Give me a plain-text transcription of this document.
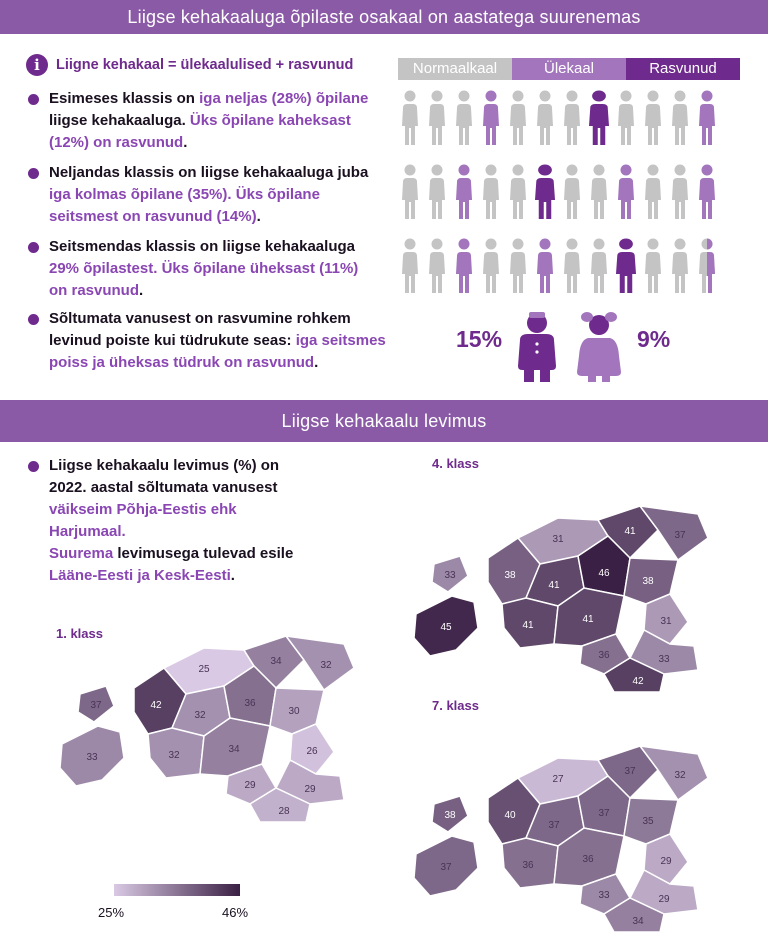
Liigse kehakaaluga õpilaste osakaal on aastatega suurenemas
i	Liigne kehakaal = ülekaalulised + rasvunud	Normaalkaal	Ülekaal	Rasvunud
Esimeses klassis on iga neljas (28%) õpilane liigse kehakaaluga. Üks õpilane kaheksast (12%) on rasvunud.
Neljandas klassis on liigse kehakaaluga juba iga kolmas õpilane (35%). Üks õpilane seitsmest on rasvunud (14%).
Seitsmendas klassis on liigse kehakaaluga 29% õpilastest. Üks õpilane üheksast (11%) on rasvunud.
Sõltumata vanusest on rasvumine rohkem levinud poiste kui tüdrukute seas: iga seitsmes poiss ja üheksas tüdruk on rasvunud.
15%	9%
Liigse kehakaalu levimus
Liigse kehakaalu levimus (%) on 2022. aastal sõltumata vanusest väikseim Põhja-Eestis ehk Harjumaal.
Suurema levimusega tulevad esile Lääne-Eesti ja Kesk-Eesti.
1. klass
4. klass
7. klass
25
34	32
37	42
32
36
30
33	32
34	26
29	29
28
31
41	37
33	38
41
46
38
45	41
41	31
36	33
42
27
37	32
38	40
37
37
35
37	36
36	29
33	29
34
25%	46%
